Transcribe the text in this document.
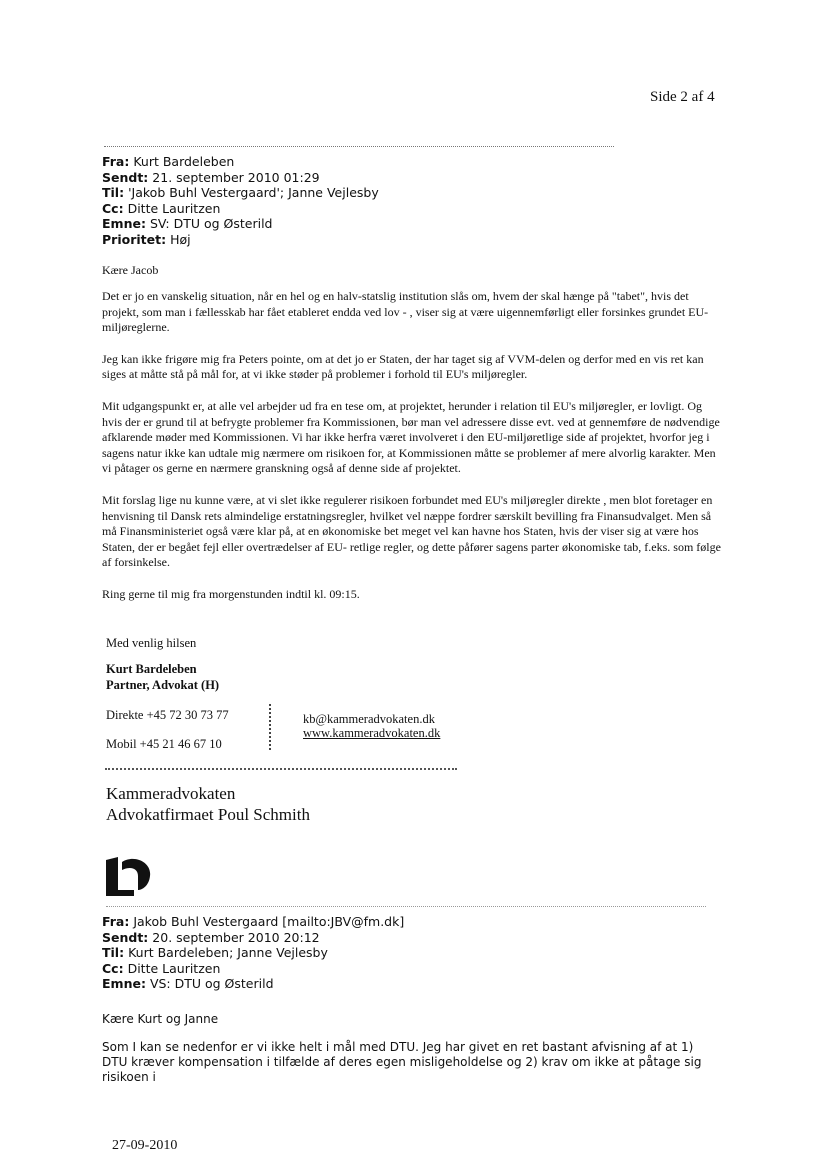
Side 2 af 4
Fra: Kurt Bardeleben
Sendt: 21. september 2010 01:29
Til: 'Jakob Buhl Vestergaard'; Janne Vejlesby
Cc: Ditte Lauritzen
Emne: SV: DTU og Østerild
Prioritet: Høj
Kære Jacob

Det er jo en vanskelig situation, når en hel og en halv-statslig institution slås om, hvem der skal hænge på "tabet", hvis det projekt, som man i fællesskab har fået etableret endda ved lov - , viser sig at være uigennemførligt eller forsinkes grundet EU- miljøreglerne.

Jeg kan ikke frigøre mig fra Peters pointe, om at det jo er Staten, der har taget sig af VVM-delen og derfor med en vis ret kan siges at måtte stå på mål for, at vi ikke støder på problemer i forhold til EU's miljøregler.

Mit udgangspunkt er, at alle vel arbejder ud fra en tese om, at projektet, herunder i relation til EU's miljøregler, er lovligt. Og hvis der er grund til at befrygte problemer fra Kommissionen, bør man vel adressere disse evt. ved at gennemføre de nødvendige afklarende møder med Kommissionen. Vi har ikke herfra været involveret i den EU-miljøretlige side af projektet, hvorfor jeg i sagens natur ikke kan udtale mig nærmere om risikoen for, at Kommissionen måtte se problemer af mere alvorlig karakter. Men vi påtager os gerne en nærmere granskning også af denne side af projektet.

Mit forslag lige nu kunne være, at vi slet ikke regulerer risikoen forbundet med EU's miljøregler direkte , men blot foretager en henvisning til Dansk rets almindelige erstatningsregler, hvilket vel næppe fordrer særskilt bevilling fra Finansudvalget. Men så må Finansministeriet også være klar på, at en økonomiske bet meget vel kan havne hos Staten, hvis der viser sig at være hos Staten, der er begået fejl eller overtrædelser af EU- retlige regler, og dette påfører sagens parter økonomiske tab, f.eks. som følge af forsinkelse.

Ring gerne til mig fra morgenstunden indtil kl. 09:15.

Med venlig hilsen
Kurt Bardeleben
Partner, Advokat (H)
Direkte +45 72 30 73 77
Mobil +45 21 46 67 10
kb@kammeradvokaten.dk
www.kammeradvokaten.dk
Kammeradvokaten
Advokatfirmaet Poul Schmith
Fra: Jakob Buhl Vestergaard [mailto:JBV@fm.dk]
Sendt: 20. september 2010 20:12
Til: Kurt Bardeleben; Janne Vejlesby
Cc: Ditte Lauritzen
Emne: VS: DTU og Østerild
Kære Kurt og Janne
Som I kan se nedenfor er vi ikke helt i mål med DTU. Jeg har givet en ret bastant afvisning af at 1) DTU kræver kompensation i tilfælde af deres egen misligeholdelse og 2) krav om ikke at påtage sig risikoen i
27-09-2010
